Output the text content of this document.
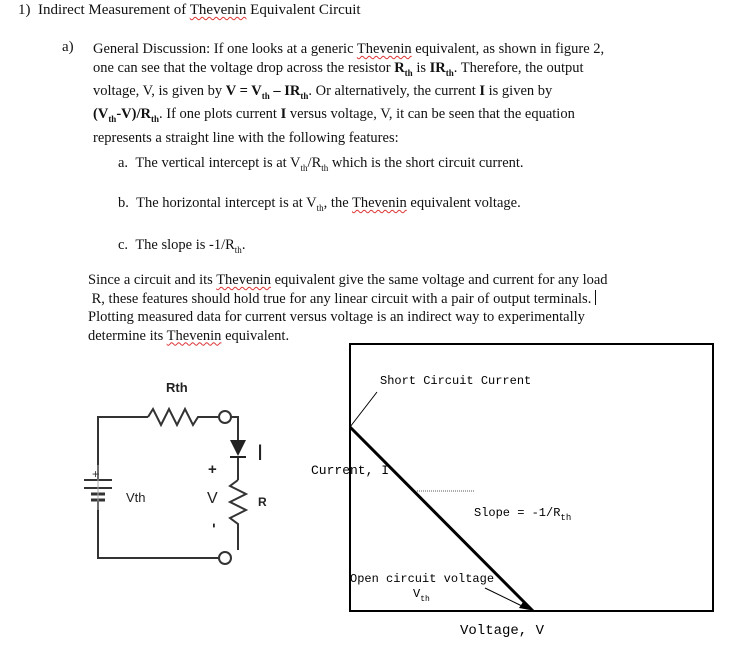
1) Indirect Measurement of Thevenin Equivalent Circuit
a) General Discussion: If one looks at a generic Thevenin equivalent, as shown in figure 2,
one can see that the voltage drop across the resistor $R_{th}$ is $IR_{th}$. Therefore, the output
voltage, V, is given by $V = V_{th} - IR_{th}$. Or alternatively, the current I is given by
$(V_{th}-V)/R_{th}$. If one plots current I versus voltage, V, it can be seen that the equation
represents a straight line with the following features:
a. The vertical intercept is at $V_{th}/R_{th}$ which is the short circuit current.
b. The horizontal intercept is at $V_{th}$, the Thevenin equivalent voltage.
c. The slope is $-1/R_{th}$.
Since a circuit and its Thevenin equivalent give the same voltage and current for any load
R, these features should hold true for any linear circuit with a pair of output terminals.
Plotting measured data for current versus voltage is an indirect way to experimentally
determine its Thevenin equivalent.
Rth
+
Vth
I
+
V
-
R
Short Circuit Current
Current, I
Slope = $-1/R_{th}$
Open circuit voltage
$V_{th}$
Voltage, V
